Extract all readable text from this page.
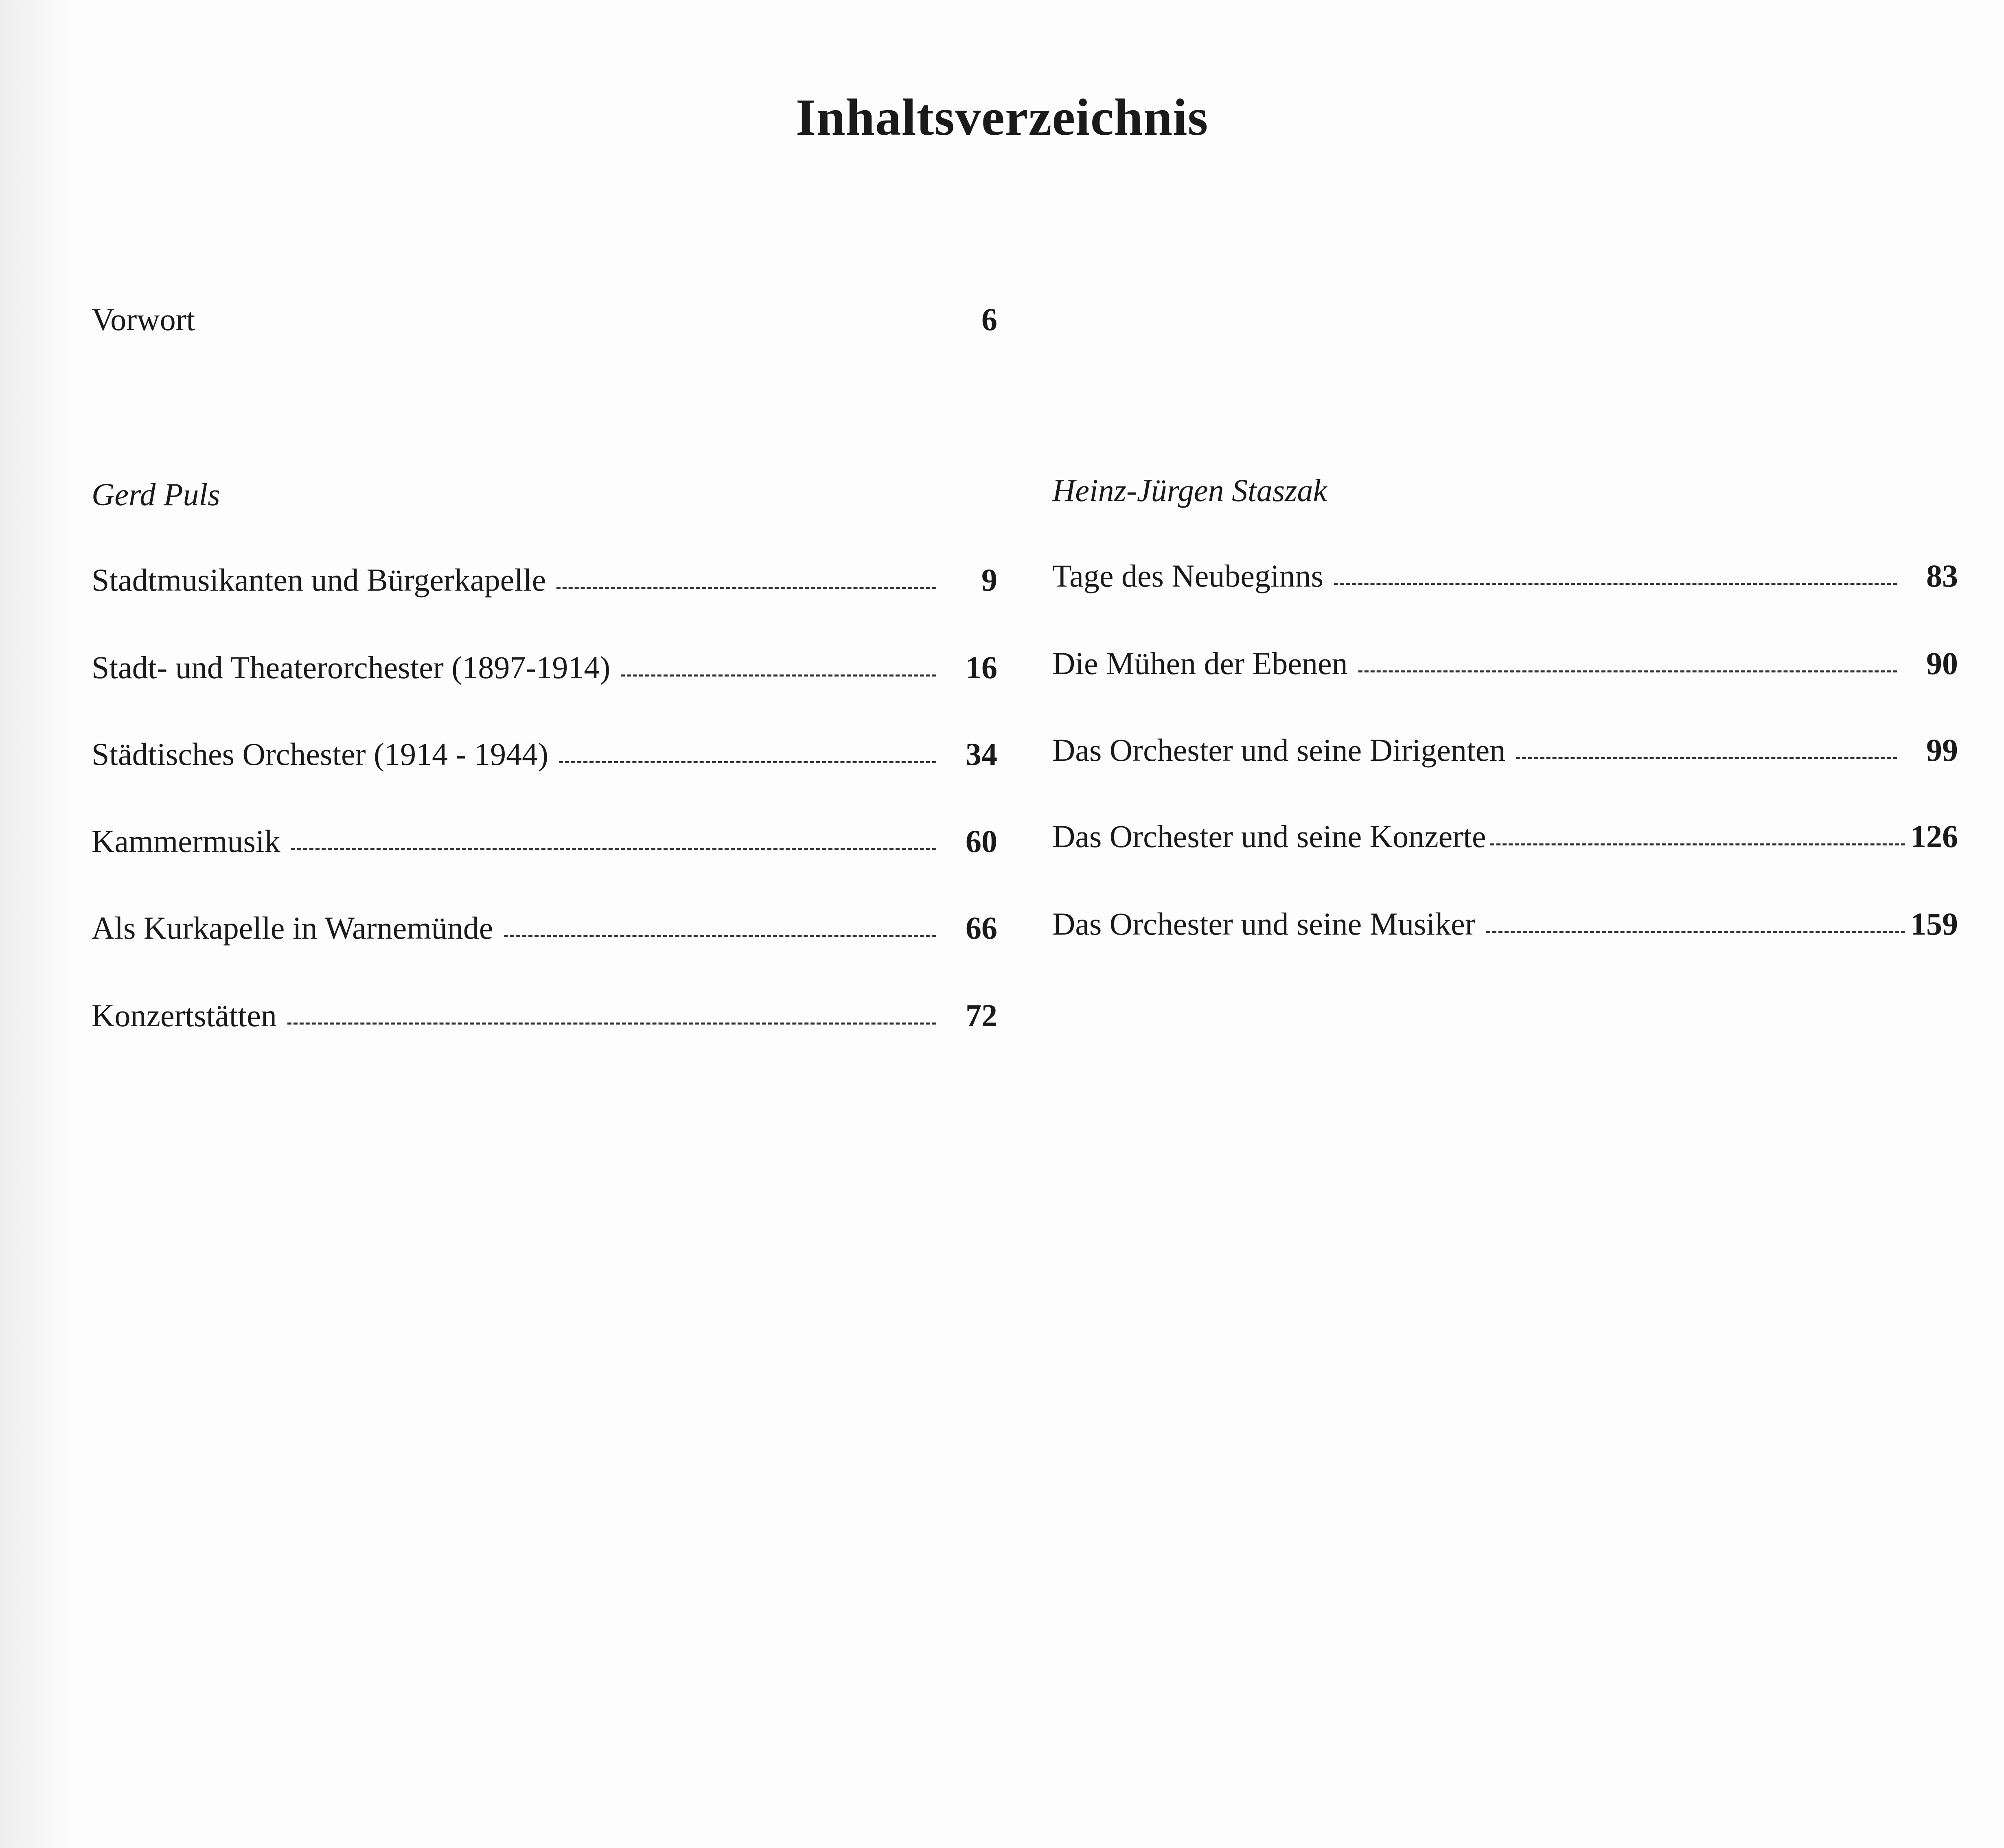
Inhaltsverzeichnis
Vorwort	6
Gerd Puls
Stadtmusikanten und Bürgerkapelle	9
Stadt- und Theaterorchester (1897-1914)	16
Städtisches Orchester (1914 - 1944)	34
Kammermusik	60
Als Kurkapelle in Warnemünde	66
Konzertstätten	72
Heinz-Jürgen Staszak
Tage des Neubeginns	83
Die Mühen der Ebenen	90
Das Orchester und seine Dirigenten	99
Das Orchester und seine Konzerte	126
Das Orchester und seine Musiker	159
